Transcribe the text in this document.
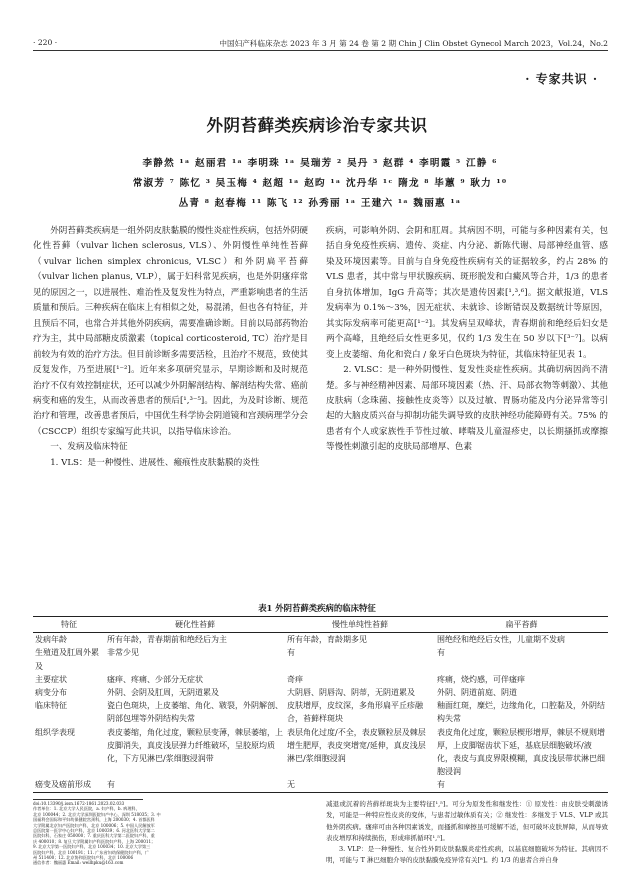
· 220 ·	中国妇产科临床杂志 2023 年 3 月 第 24 卷 第 2 期 Chin J Clin Obstet Gynecol March 2023，Vol.24，No.2
· 专家共识 ·
外阴苔藓类疾病诊治专家共识
李静然 ¹ᵃ 赵丽君 ¹ᵃ 李明珠 ¹ᵃ 吴瑞芳 ² 吴丹 ³ 赵群 ⁴ 李明霞 ⁵ 江静 ⁶
常淑芳 ⁷ 陈忆 ³ 吴玉梅 ⁴ 赵超 ¹ᵃ 赵昀 ¹ᵃ 沈丹华 ¹ᶜ 隋龙 ⁸ 毕蕙 ⁹ 耿力 ¹⁰
丛青 ⁸ 赵春梅 ¹¹ 陈飞 ¹² 孙秀丽 ¹ᵃ 王建六 ¹ᵃ 魏丽惠 ¹ᵃ

外阴苔藓类疾病是一组外阴皮肤黏膜的慢性炎症性疾病，包括外阴硬化性苔藓（vulvar lichen sclerosus, VLS）、外阴慢性单纯性苔藓（vulvar lichen simplex chronicus, VLSC）和外阴扁平苔藓（vulvar lichen planus, VLP），属于妇科常见疾病，也是外阴瘙痒常见的原因之一，以进展性、难治性及复发性为特点，严重影响患者的生活质量和预后。三种疾病在临床上有相似之处，易混淆，但也各有特征，并且预后不同，也常合并其他外阴疾病，需要准确诊断。目前以局部药物治疗为主，其中局部糖皮质激素（topical corticosteroid, TC）治疗是目前较为有效的治疗方法。但目前诊断多需要活检，且治疗不规范，致使其反复发作，乃至进展[¹⁻²]。近年来多项研究显示，早期诊断和及时规范治疗不仅有效控制症状，还可以减少外阴解剖结构、解剖结构失常、癌前病变和癌的发生，从而改善患者的预后[¹,³⁻⁵]。因此，为及时诊断、规范治疗和管理，改善患者预后，中国优生科学协会阴道镜和宫颈病理学分会（CSCCP）组织专家编写此共识，以指导临床诊治。

一、发病及临床特征

1. VLS：是一种慢性、进展性、瘢痕性皮肤黏膜的炎性

疾病，可影响外阴、会阴和肛周。其病因不明，可能与多种因素有关，包括自身免疫性疾病、遗传、炎症、内分泌、新陈代谢、局部神经血管、感染及环境因素等。目前与自身免疫性疾病有关的证据较多，约占 28% 的 VLS 患者，其中常与甲状腺疾病、斑形脱发和白癜风等合并，1/3 的患者自身抗体增加，IgG 升高等；其次是遗传因素[¹,³,⁶]。据文献报道，VLS 发病率为 0.1%～3%，因无症状、未就诊、诊断错误及数据统计等原因，其实际发病率可能更高[¹⁻²]。其发病呈双峰状，青春期前和绝经后妇女是两个高峰，且绝经后女性更多见，仅约 1/3 发生在 50 岁以下[³⁻⁷]。以病变上皮萎缩、角化和瓷白 / 象牙白色斑块为特征，其临床特征见表 1。

2. VLSC：是一种外阴慢性、复发性炎症性疾病。其确切病因尚不清楚。多与神经精神因素、局部环境因素（热、汗、局部衣物等刺激）、其他皮肤病（念珠菌、接触性皮炎等）以及过敏、胃肠功能及内分泌异常等引起的大脑皮质兴奋与抑制功能失调导致的皮肤神经功能障碍有关。75% 的患者有个人或家族性手节性过敏、哮喘及儿童湿疹史，以长期搔抓或摩擦等慢性刺激引起的皮肤局部增厚、色素

表1 外阴苔藓类疾病的临床特征
特征	硬化性苔藓	慢性单纯性苔藓	扁平苔藓
发病年龄	所有年龄，青春期前和绝经后为主	所有年龄，育龄期多见	围绝经和绝经后女性，儿童期不发病
生殖道及肛周外累及	非常少见	有	有
主要症状	瘙痒、疼痛、少部分无症状	奇痒	疼痛，烧灼感，可伴瘙痒
病变分布	外阴、会阴及肛周，无阴道累及	大阴唇、阴唇沟、阴蒂，无阴道累及	外阴、阴道前庭、阴道
临床特征	瓷白色斑块，上皮萎缩、角化、皲裂，外阴解剖、阴部包埋等外阴结构失常	皮肤增厚，皮纹深，多角形扁平丘疹融合，苔藓样斑块	釉面红斑，糜烂，边缘角化，口腔黏及，外阴结构失常
组织学表现	表皮萎缩，角化过度，颗粒层变薄，棘层萎缩，上皮脚消失，真皮浅层弹力纤维破坏，呈胶原均质化，下方见淋巴/浆细胞浸润带	表层角化过度/不全，表皮颗粒层及棘层增生肥厚，表皮突增宽/延伸，真皮浅层淋巴/浆细胞浸润	表皮角化过度，颗粒层楔形增厚，棘层不规则增厚，上皮脚锯齿状下延，基底层细胞破坏/液化，表皮与真皮界限模糊，真皮浅层带状淋巴细胞浸润
癌变及癌前形成	有	无	有
doi:10.13390/j.issn.1672-1861.2023.02.033
作者单位：1. 北京大学人民医院，a. 妇产科，b. 病理科，
北京 100044；2. 北京大学深圳医院妇产中心，深圳 518035；3. 中
国福利会国际和平妇幼保健院宫颈科，上海 200030；4. 首都医科
大学附属北京妇产医院妇产科，北京 100006；5. 中国人民解放军
总医院第一医学中心妇产科，北京 100039；6. 河北医科大学第二
医院妇科，石家庄 050000；7. 重庆医科大学第二医院妇产科，重
庆 400010；8. 复旦大学附属妇产科医院妇产科，上海 200011；
9. 北京大学第一医院妇产科，北京 100034；10. 北京大学第三
医院妇产科，北京 100191；11. 广东省妇幼保健院妇产科，广
州 511400；12. 北京协和医院妇产科，北京 100006
通信作者：魏丽惠 Email: weilhpku@163.com

减退或沉着的苔藓样斑块为主要特征[¹,⁵]。可分为原发性和继发性：① 原发性：由皮肤受刺激诱发，可能是一种特应性皮炎的变体，与患者过敏体质有关；② 继发性：多继发于 VLS、VLP 或其他外阴疾病。瘙痒可由各种因素诱发，而搔抓和摩擦虽可缓解不适，但可破坏皮肤屏障，从而导致表皮增厚和持续损伤，形成痒抓循环[¹,⁵]。

3. VLP：是一种慢性、复合性外阴皮肤黏膜炎症性疾病，以基底细胞破坏为特征。其病因不明，可能与 T 淋巴细胞介导的皮肤黏膜免疫异常有关[⁸]。约 1/3 的患者合并自身
